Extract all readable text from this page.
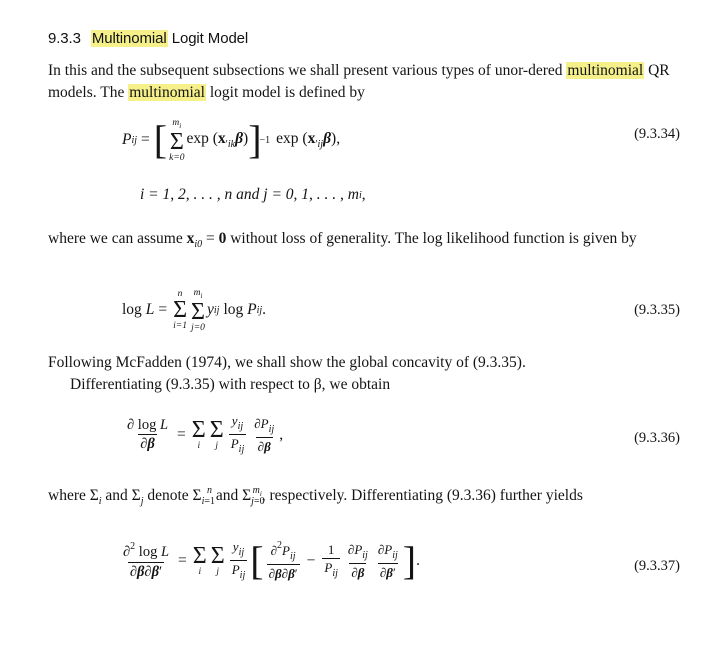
9.3.3 Multinomial Logit Model

In this and the subsequent subsections we shall present various types of unor-dered multinomial QR models. The multinomial logit model is defined by

P ij = [ $m_i$
Σ
k=0
$\exp (x_{'ik}\beta)$ ]
−1 $\exp (x_{'ij}\beta)$,	(9.3.34)
i = 1, 2, . . . , n and j = 0, 1, . . . , m i ,

where we can assume $x_{i0} = 0$ without loss of generality. The log likelihood function is given by

log L =
n
Σ
i=1
$m_i$
Σ
j=0
y ij log P ij .	(9.3.35)

Following McFadden (1974), we shall show the global concavity of (9.3.35).
Differentiating (9.3.35) with respect to β, we obtain

$\frac{\text{∂ log L}}{\partial\beta} = \Sigma$
i
Σ
j $\frac{y_{ij}}{P_{ij}} \frac{\partial P_{ij}}{\partial\beta}$ ,	(9.3.36)

where $\Sigma_i$ and $\Sigma_j$ denote $\Sigma_{i=1}^n$ and $\Sigma_{j=0}^{m_i}$, respectively. Differentiating (9.3.36) further yields

$\frac{\partial^2 \log L}{\partial\beta\partial\beta'} = \Sigma$
i
Σ
j $\frac{y_{ij}}{P_{ij}}$ [ $\frac{\partial^2P_{ij}}{\partial\beta\partial\beta'} - \frac{1}{P_{ij}} \frac{\partial P_{ij}}{\partial\beta} \frac{\partial P_{ij}}{\partial\beta'}$ ] .	(9.3.37)
